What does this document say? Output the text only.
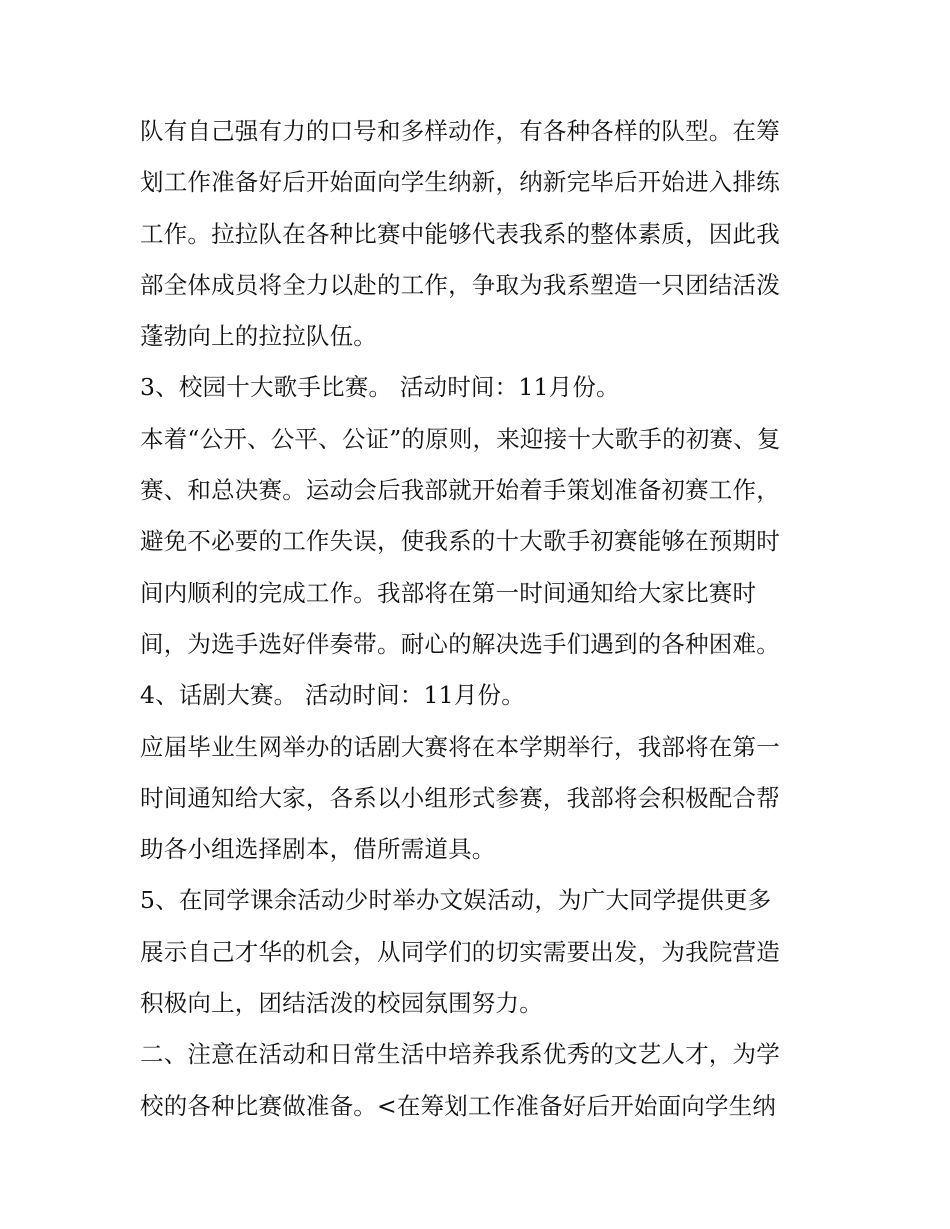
队有自己强有力的口号和多样动作，有各种各样的队型。在筹
划工作准备好后开始面向学生纳新，纳新完毕后开始进入排练
工作。拉拉队在各种比赛中能够代表我系的整体素质，因此我
部全体成员将全力以赴的工作，争取为我系塑造一只团结活泼
蓬勃向上的拉拉队伍。
3、校园十大歌手比赛。 活动时间：11月份。
本着“公开、公平、公证”的原则，来迎接十大歌手的初赛、复
赛、和总决赛。运动会后我部就开始着手策划准备初赛工作，
避免不必要的工作失误，使我系的十大歌手初赛能够在预期时
间内顺利的完成工作。我部将在第一时间通知给大家比赛时
间，为选手选好伴奏带。耐心的解决选手们遇到的各种困难。
4、话剧大赛。 活动时间：11月份。
应届毕业生网举办的话剧大赛将在本学期举行，我部将在第一
时间通知给大家，各系以小组形式参赛，我部将会积极配合帮
助各小组选择剧本，借所需道具。
5、在同学课余活动少时举办文娱活动，为广大同学提供更多
展示自己才华的机会，从同学们的切实需要出发，为我院营造
积极向上，团结活泼的校园氛围努力。
二、注意在活动和日常生活中培养我系优秀的文艺人才，为学
校的各种比赛做准备。<在筹划工作准备好后开始面向学生纳
